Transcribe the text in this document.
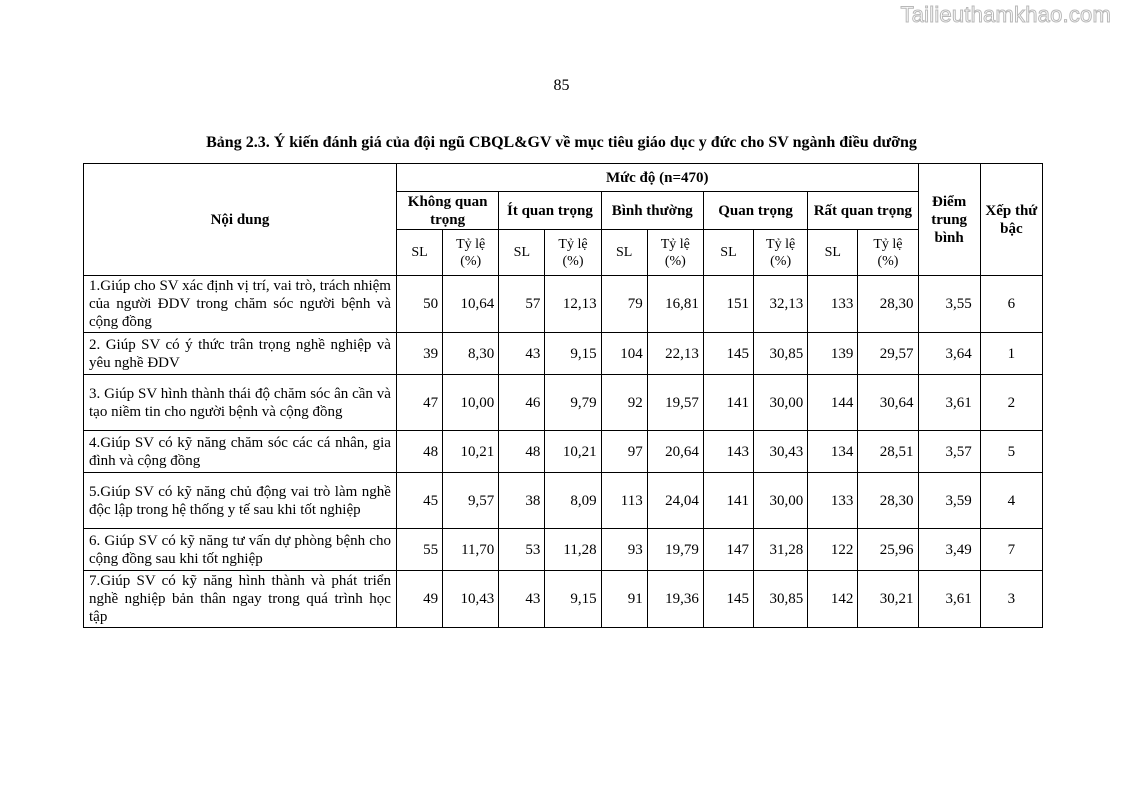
Tailieuthamkhao.com
85
Bảng 2.3. Ý kiến đánh giá của đội ngũ CBQL&GV về mục tiêu giáo dục y đức cho SV ngành điều dưỡng
Nội dung	Mức độ (n=470)										Điểm trung bình	Xếp thứ bậc
	Không quan trọng		Ít quan trọng		Bình thường		Quan trọng		Rất quan trọng			
	SL	Tỷ lệ (%)	SL	Tỷ lệ (%)	SL	Tỷ lệ (%)	SL	Tỷ lệ (%)	SL	Tỷ lệ (%)		
1.Giúp cho SV xác định vị trí, vai trò, trách nhiệm của người ĐDV trong chăm sóc người bệnh và cộng đồng	50	10,64	57	12,13	79	16,81	151	32,13	133	28,30	3,55	6
2. Giúp SV có ý thức trân trọng nghề nghiệp và yêu nghề ĐDV	39	8,30	43	9,15	104	22,13	145	30,85	139	29,57	3,64	1
3. Giúp SV hình thành thái độ chăm sóc ân cần và tạo niềm tin cho người bệnh và cộng đồng	47	10,00	46	9,79	92	19,57	141	30,00	144	30,64	3,61	2
4.Giúp SV có kỹ năng chăm sóc các cá nhân, gia đình và cộng đồng	48	10,21	48	10,21	97	20,64	143	30,43	134	28,51	3,57	5
5.Giúp SV có kỹ năng chủ động vai trò làm nghề độc lập trong hệ thống y tế sau khi tốt nghiệp	45	9,57	38	8,09	113	24,04	141	30,00	133	28,30	3,59	4
6. Giúp SV có kỹ năng tư vấn dự phòng bệnh cho cộng đồng sau khi tốt nghiệp	55	11,70	53	11,28	93	19,79	147	31,28	122	25,96	3,49	7
7.Giúp SV có kỹ năng hình thành và phát triển nghề nghiệp bản thân ngay trong quá trình học tập	49	10,43	43	9,15	91	19,36	145	30,85	142	30,21	3,61	3
